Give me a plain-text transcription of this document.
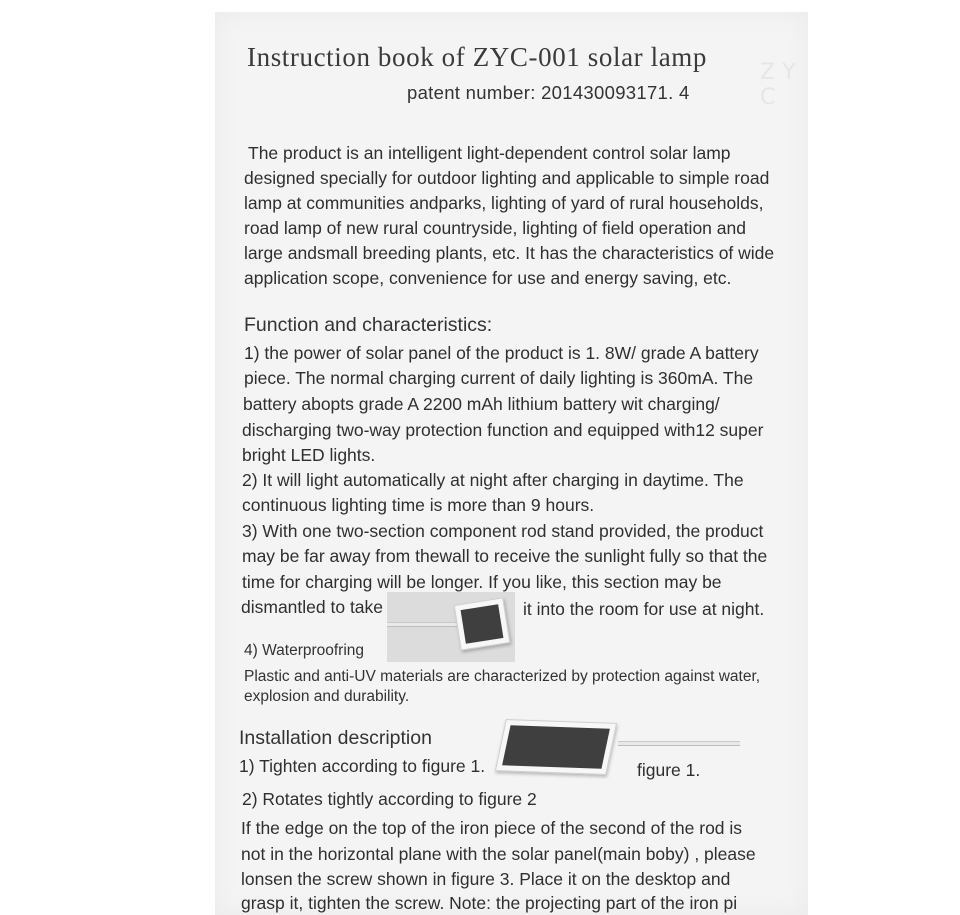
Z Y C
Instruction book of ZYC-001 solar lamp
patent number: 201430093171. 4
The product is an intelligent light-dependent control solar lamp
designed specially for outdoor lighting and applicable to simple road
lamp at communities andparks, lighting of yard of rural households,
road lamp of new rural countryside, lighting of field operation and
large andsmall breeding plants, etc. It has the characteristics of wide
application scope, convenience for use and energy saving, etc.
Function and characteristics:
1) the power of solar panel of the product is 1. 8W/ grade A battery
piece. The normal charging current of daily lighting is 360mA. The
battery abopts grade A 2200 mAh lithium battery wit charging/
discharging two-way protection function and equipped with12 super
bright LED lights.
2) It will light automatically at night after charging in daytime. The
continuous lighting time is more than 9 hours.
3) With one two-section component rod stand provided, the product
may be far away from thewall to receive the sunlight fully so that the
time for charging will be longer. If you like, this section may be
dismantled to take	it into the room for use at night.
4) Waterproofring
Plastic and anti-UV materials are characterized by protection against water,
explosion and durability.
Installation description
1) Tighten according to figure 1.	figure 1.
2) Rotates tightly according to figure 2
If the edge on the top of the iron piece of the second of the rod is
not in the horizontal plane with the solar panel(main boby) , please
lonsen the screw shown in figure 3. Place it on the desktop and
grasp it, tighten the screw. Note: the projecting part of the iron pi
